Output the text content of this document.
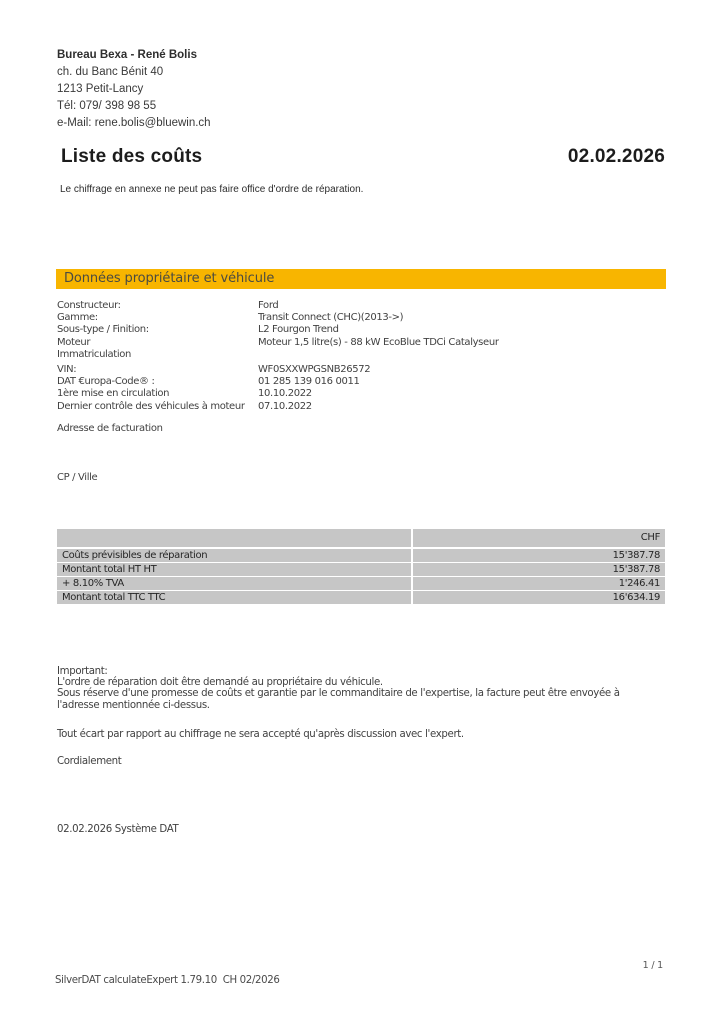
Bureau Bexa - René Bolis
ch. du Banc Bénit 40
1213 Petit-Lancy
Tél: 079/ 398 98 55
e-Mail: rene.bolis@bluewin.ch
Liste des coûts	02.02.2026
Le chiffrage en annexe ne peut pas faire office d'ordre de réparation.
Données propriétaire et véhicule
Constructeur:	Ford
Gamme:	Transit Connect (CHC)(2013->)
Sous-type / Finition:	L2 Fourgon Trend
Moteur	Moteur 1,5 litre(s) - 88 kW EcoBlue TDCi Catalyseur
Immatriculation
VIN:	WF0SXXWPGSNB26572
DAT €uropa-Code® :	01 285 139 016 0011
1ère mise en circulation	10.10.2022
Dernier contrôle des véhicules à moteur	07.10.2022
Adresse de facturation
CP / Ville
CHF
Coûts prévisibles de réparation	15'387.78
Montant total HT HT	15'387.78
+ 8.10% TVA	1'246.41
Montant total TTC TTC	16'634.19
Important:
L'ordre de réparation doit être demandé au propriétaire du véhicule.
Sous réserve d'une promesse de coûts et garantie par le commanditaire de l'expertise, la facture peut être envoyée à
l'adresse mentionnée ci-dessus.
Tout écart par rapport au chiffrage ne sera accepté qu'après discussion avec l'expert.
Cordialement
02.02.2026 Système DAT
1 / 1
SilverDAT calculateExpert 1.79.10  CH 02/2026
